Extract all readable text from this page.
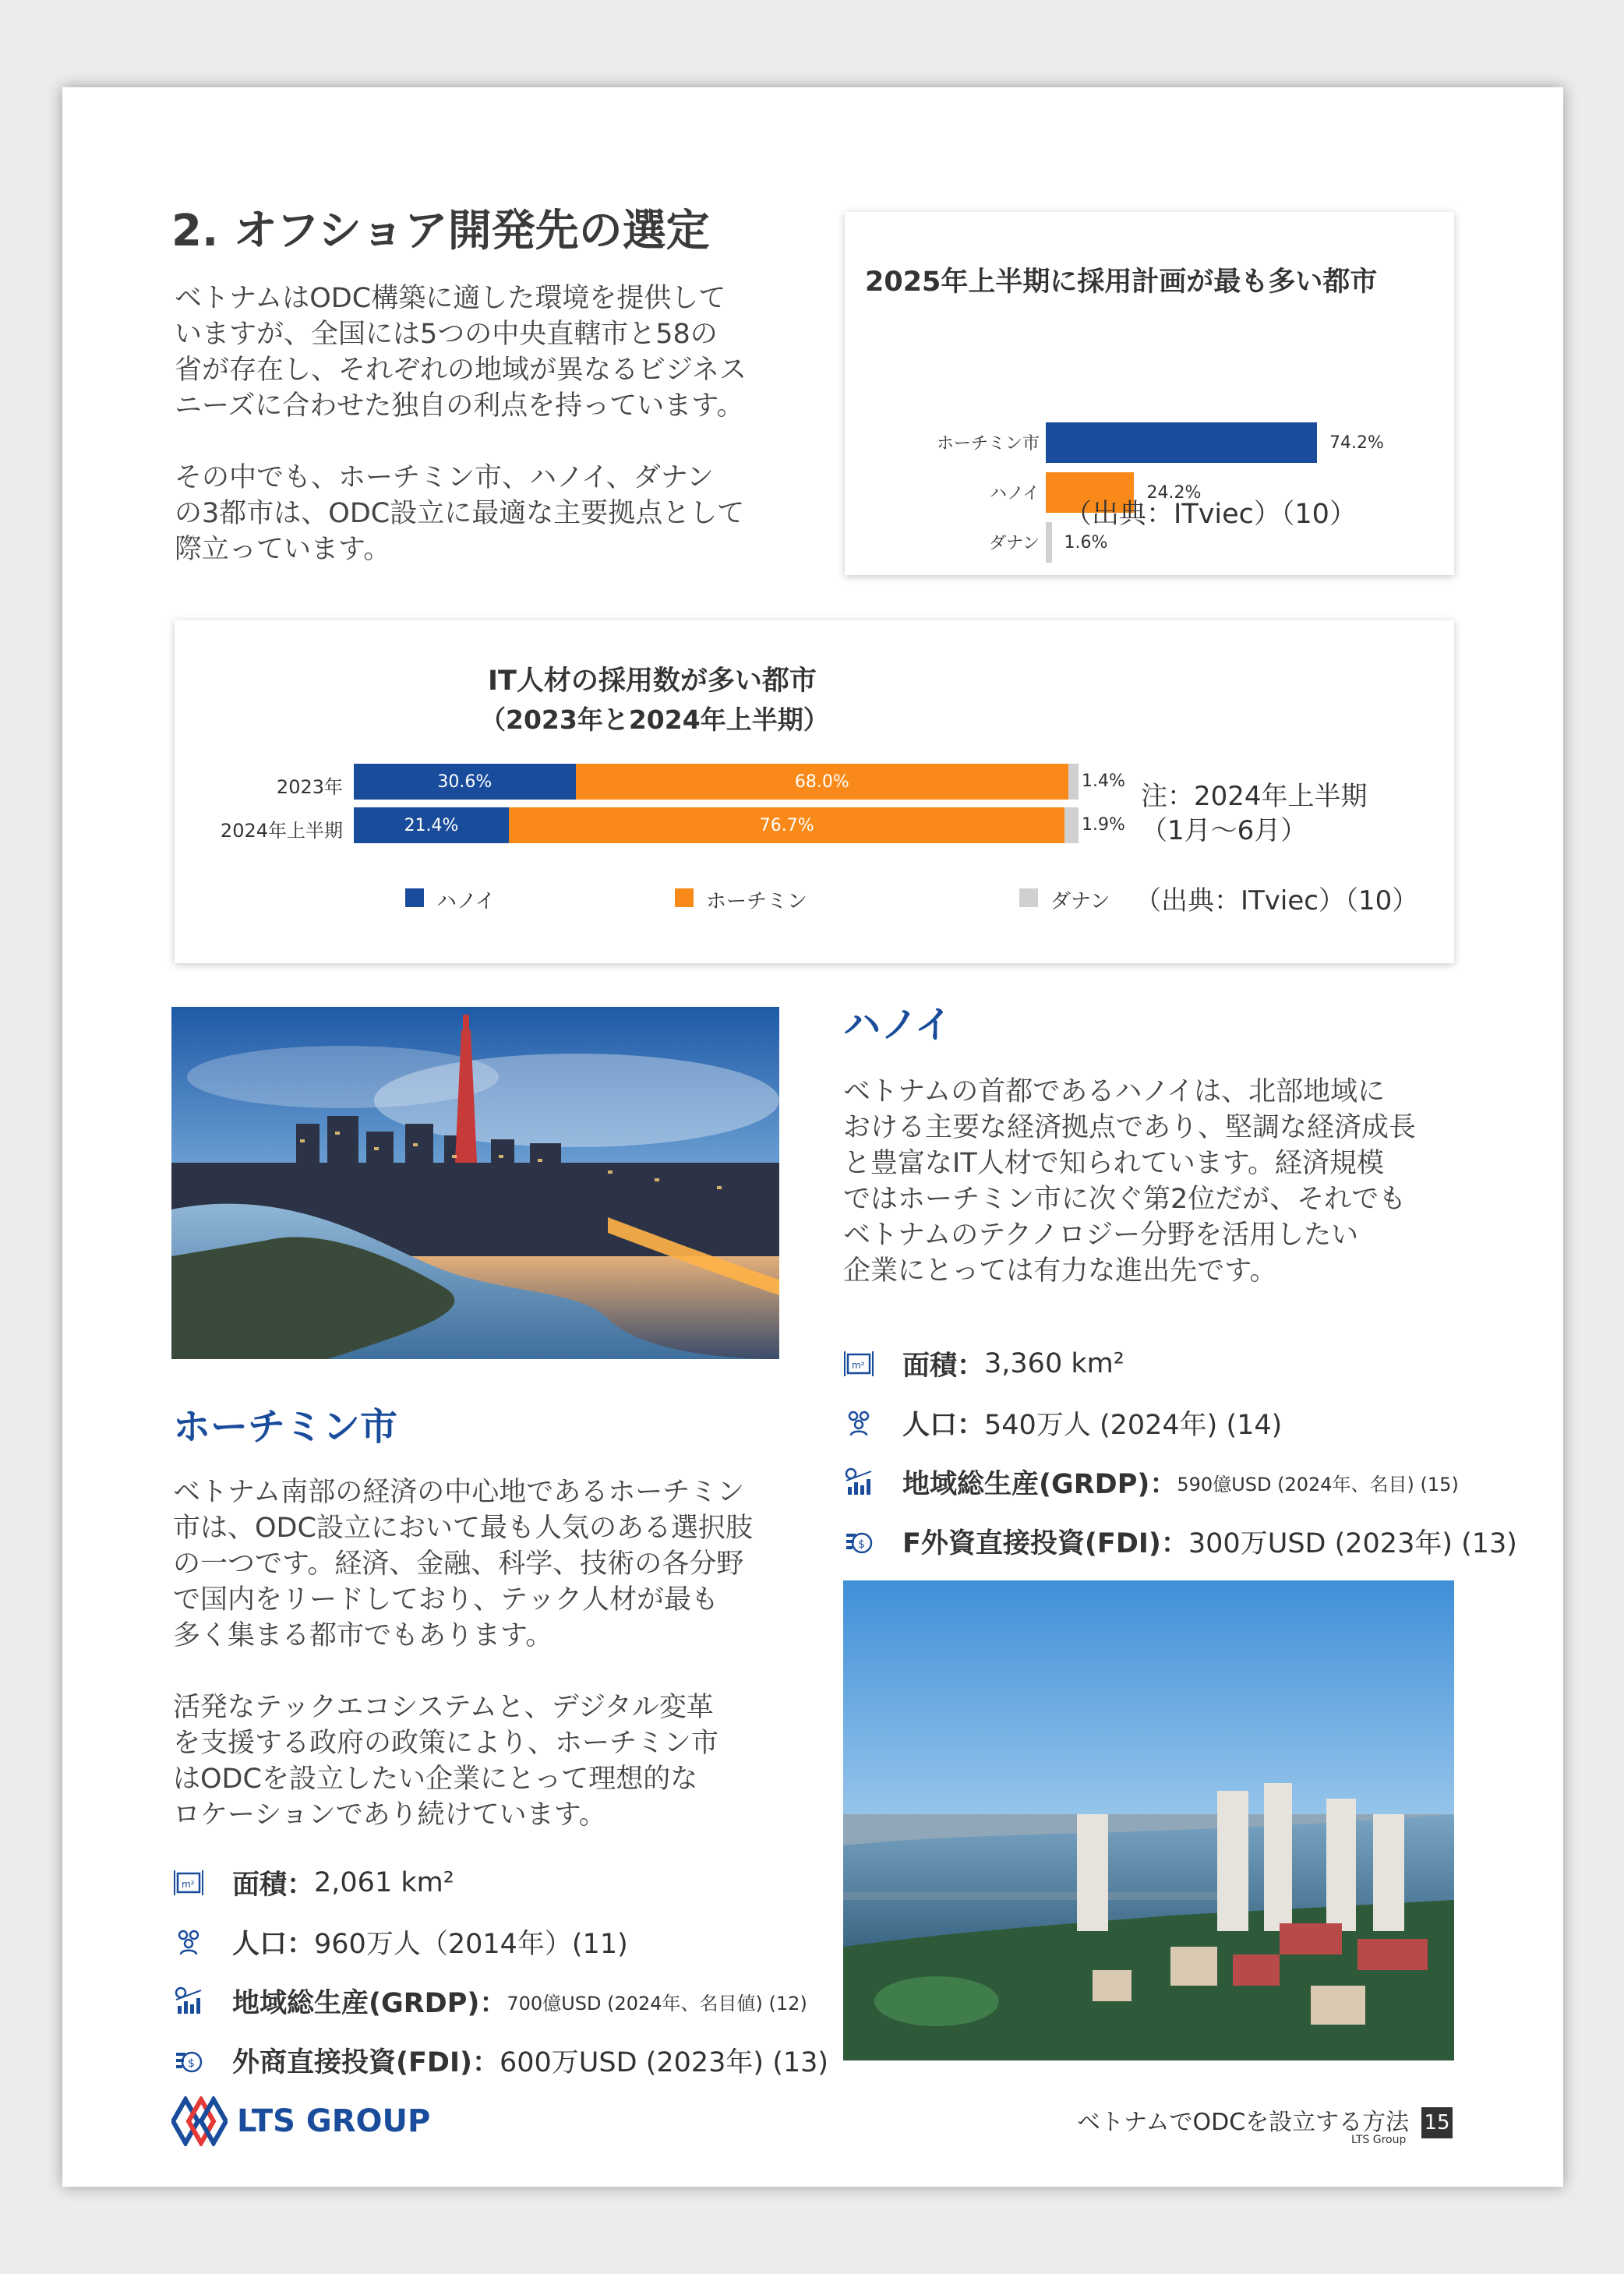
2. オフショア開発先の選定
ベトナムはODC構築に適した環境を提供して
いますが、全国には5つの中央直轄市と58の
省が存在し、それぞれの地域が異なるビジネス
ニーズに合わせた独自の利点を持っています。
その中でも、ホーチミン市、ハノイ、ダナン
の3都市は、ODC設立に最適な主要拠点として
際立っています。
2025年上半期に採用計画が最も多い都市
ホーチミン市	74.2%
ハノイ	24.2%
ダナン 1.6%
（出典：ITviec）（10）
IT人材の採用数が多い都市
（2023年と2024年上半期）
2023年	30.6%	68.0%	1.4%
2024年上半期	21.4%	76.7%	1.9%
ハノイ	ホーチミン	ダナン
注：2024年上半期
（1月〜6月）
（出典：ITviec）（10）
ホーチミン市
ベトナム南部の経済の中心地であるホーチミン
市は、ODC設立において最も人気のある選択肢
の一つです。経済、金融、科学、技術の各分野
で国内をリードしており、テック人材が最も
多く集まる都市でもあります。
活発なテックエコシステムと、デジタル変革
を支援する政府の政策により、ホーチミン市
はODCを設立したい企業にとって理想的な
ロケーションであり続けています。
m² 面積： 2,061 km²
人口： 960万人（2014年）(11)
地域総生産(GRDP)： 700億USD (2024年、名目値) (12)
$ 外商直接投資(FDI)： 600万USD (2023年) (13)
ハノイ
ベトナムの首都であるハノイは、北部地域に
おける主要な経済拠点であり、堅調な経済成長
と豊富なIT人材で知られています。経済規模
ではホーチミン市に次ぐ第2位だが、それでも
ベトナムのテクノロジー分野を活用したい
企業にとっては有力な進出先です。
m² 面積： 3,360 km²
人口： 540万人 (2024年) (14)
地域総生産(GRDP)： 590億USD (2024年、名目) (15)
$ F外資直接投資(FDI)： 300万USD (2023年) (13)
LTS GROUP	ベトナムでODCを設立する方法
LTS Group
15
